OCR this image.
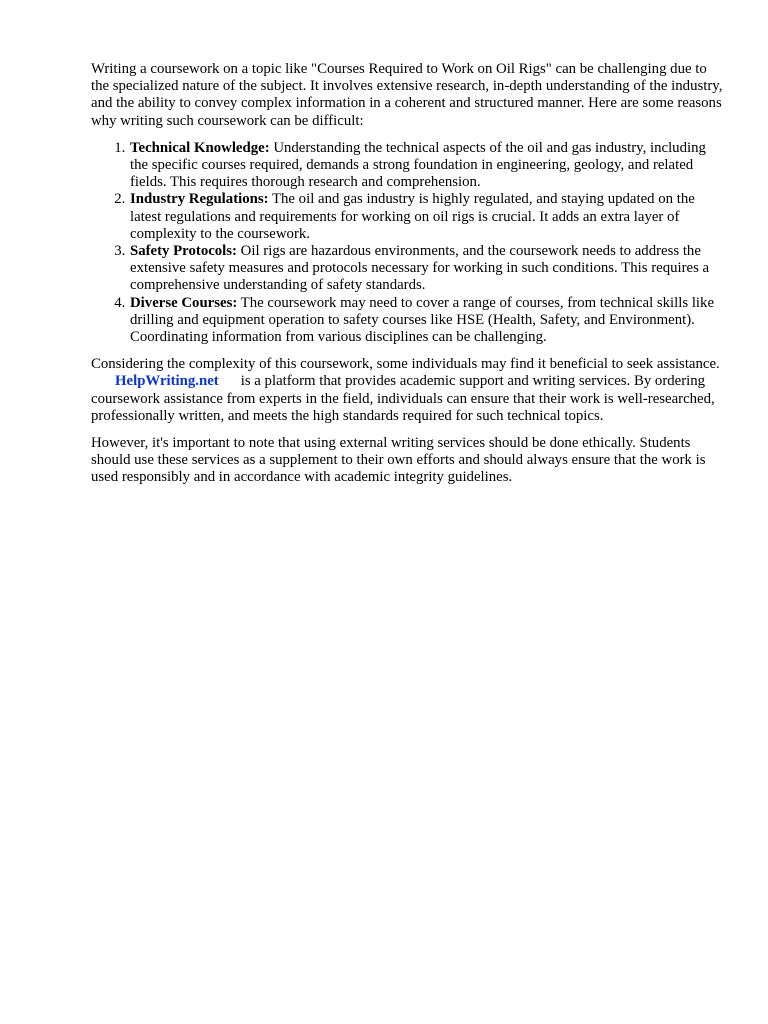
Writing a coursework on a topic like "Courses Required to Work on Oil Rigs" can be challenging due to the specialized nature of the subject. It involves extensive research, in-depth understanding of the industry, and the ability to convey complex information in a coherent and structured manner. Here are some reasons why writing such coursework can be difficult:

1. Technical Knowledge: Understanding the technical aspects of the oil and gas industry, including the specific courses required, demands a strong foundation in engineering, geology, and related fields. This requires thorough research and comprehension.
2. Industry Regulations: The oil and gas industry is highly regulated, and staying updated on the latest regulations and requirements for working on oil rigs is crucial. It adds an extra layer of complexity to the coursework.
3. Safety Protocols: Oil rigs are hazardous environments, and the coursework needs to address the extensive safety measures and protocols necessary for working in such conditions. This requires a comprehensive understanding of safety standards.
4. Diverse Courses: The coursework may need to cover a range of courses, from technical skills like drilling and equipment operation to safety courses like HSE (Health, Safety, and Environment). Coordinating information from various disciplines can be challenging.

Considering the complexity of this coursework, some individuals may find it beneficial to seek assistance.HelpWriting.net is a platform that provides academic support and writing services. By ordering coursework assistance from experts in the field, individuals can ensure that their work is well-researched, professionally written, and meets the high standards required for such technical topics.

However, it's important to note that using external writing services should be done ethically. Students should use these services as a supplement to their own efforts and should always ensure that the work is used responsibly and in accordance with academic integrity guidelines.
